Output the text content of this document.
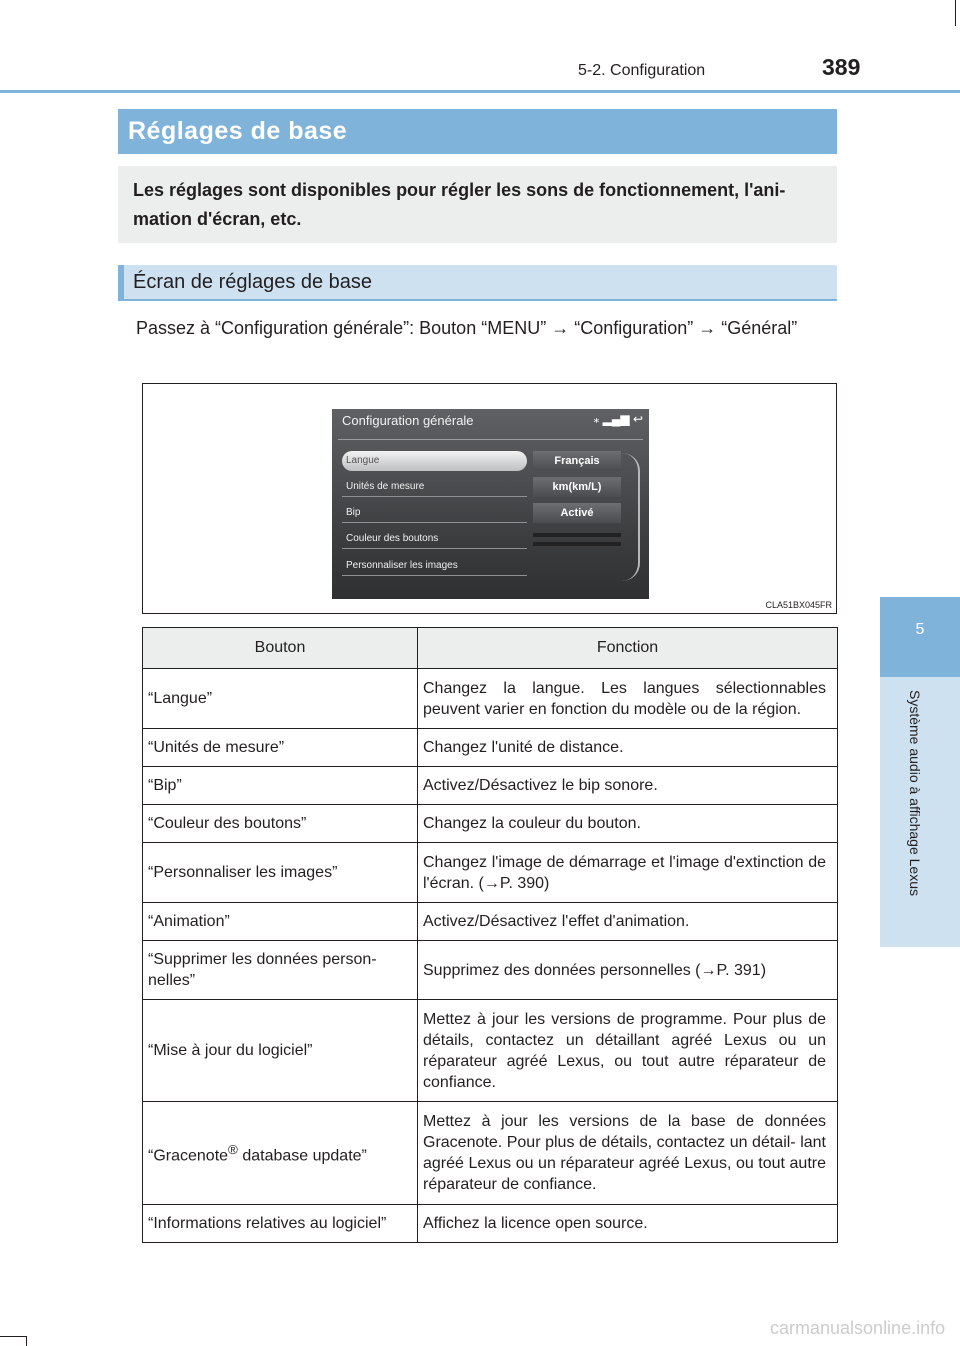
5-2. Configuration	389
5
Système audio à affichage Lexus
Réglages de base
Les réglages sont disponibles pour régler les sons de fonctionnement, l'ani- mation d'écran, etc.
Écran de réglages de base
Passez à “Configuration générale”: Bouton “MENU” → “Configuration” → “Général”
Configuration générale	⁎ ▂▄▆ ↩
Langue
Unités de mesure
Bip
Couleur des boutons
Personnaliser les images
Français
km(km/L)
Activé
CLA51BX045FR
Bouton	Fonction
“Langue”	Changez la langue. Les langues sélectionnables peuvent varier en fonction du modèle ou de la région.
“Unités de mesure”	Changez l'unité de distance.
“Bip”	Activez/Désactivez le bip sonore.
“Couleur des boutons”	Changez la couleur du bouton.
“Personnaliser les images”	Changez l'image de démarrage et l'image d'extinction de l'écran. (→P. 390)
“Animation”	Activez/Désactivez l'effet d'animation.
“Supprimer les données person- nelles”	Supprimez des données personnelles (→P. 391)
“Mise à jour du logiciel”	Mettez à jour les versions de programme. Pour plus de détails, contactez un détaillant agréé Lexus ou un réparateur agréé Lexus, ou tout autre réparateur de confiance.
“Gracenote® database update”	Mettez à jour les versions de la base de données Gracenote. Pour plus de détails, contactez un détail- lant agréé Lexus ou un réparateur agréé Lexus, ou tout autre réparateur de confiance.
“Informations relatives au logiciel”	Affichez la licence open source.
carmanualsonline.info
